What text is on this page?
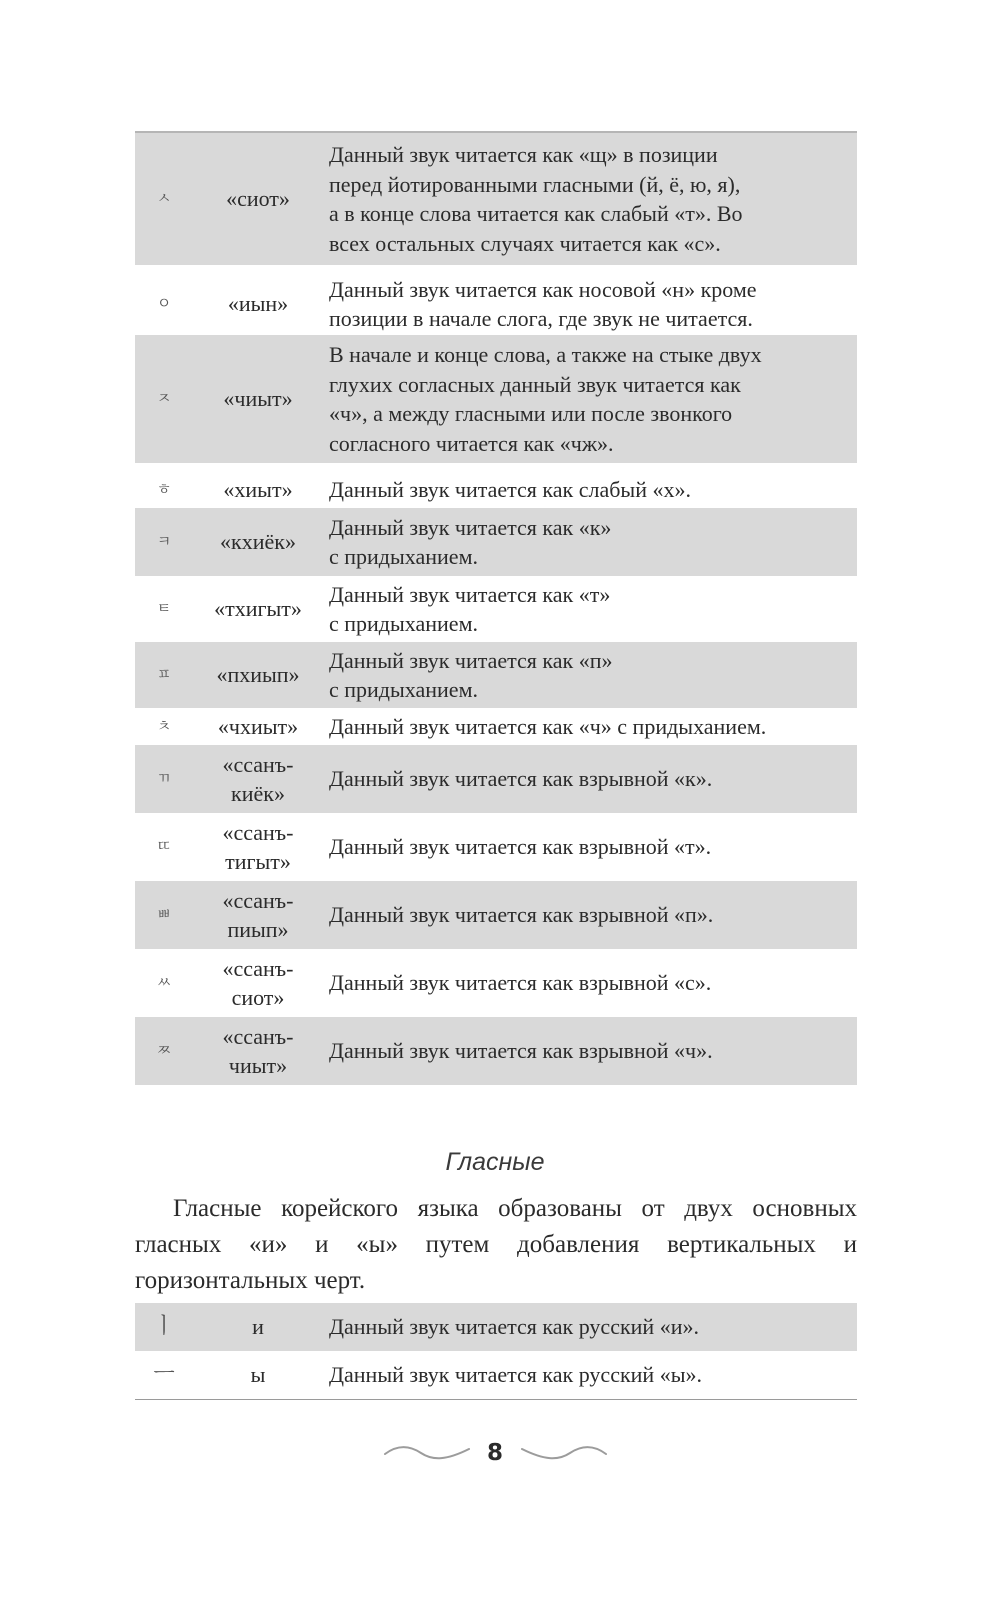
ㅅ	«сиот»	Данный звук читается как «щ» в позиции
перед йотированными гласными (й, ё, ю, я),
а в конце слова читается как слабый «т». Во
всех остальных случаях читается как «с».

ㅇ	«иын»	Данный звук читается как носовой «н» кроме
позиции в начале слога, где звук не читается.

ㅈ	«чиыт»	В начале и конце слова, а также на стыке двух
глухих согласных данный звук читается как
«ч», а между гласными или после звонкого
согласного читается как «чж».

ㅎ	«хиыт»	Данный звук читается как слабый «х».

ㅋ	«кхиёк»	Данный звук читается как «к»
с придыханием.

ㅌ	«тхигыт»	Данный звук читается как «т»
с придыханием.

ㅍ	«пхиып»	Данный звук читается как «п»
с придыханием.

ㅊ	«чхиыт»	Данный звук читается как «ч» с придыханием.

ㄲ	«ссанъ-
киёк»	Данный звук читается как взрывной «к».

ㄸ	«ссанъ-
тигыт»	Данный звук читается как взрывной «т».

ㅃ	«ссанъ-
пиып»	Данный звук читается как взрывной «п».

ㅆ	«ссанъ-
сиот»	Данный звук читается как взрывной «с».

ㅉ	«ссанъ-
чиыт»	Данный звук читается как взрывной «ч».
Гласные
Гласные корейского языка образованы от двух основных гласных «и» и «ы» путем добавления вертикальных и горизонтальных черт.
ㅣ	и	Данный звук читается как русский «и».
ㅡ	ы	Данный звук читается как русский «ы».
8
